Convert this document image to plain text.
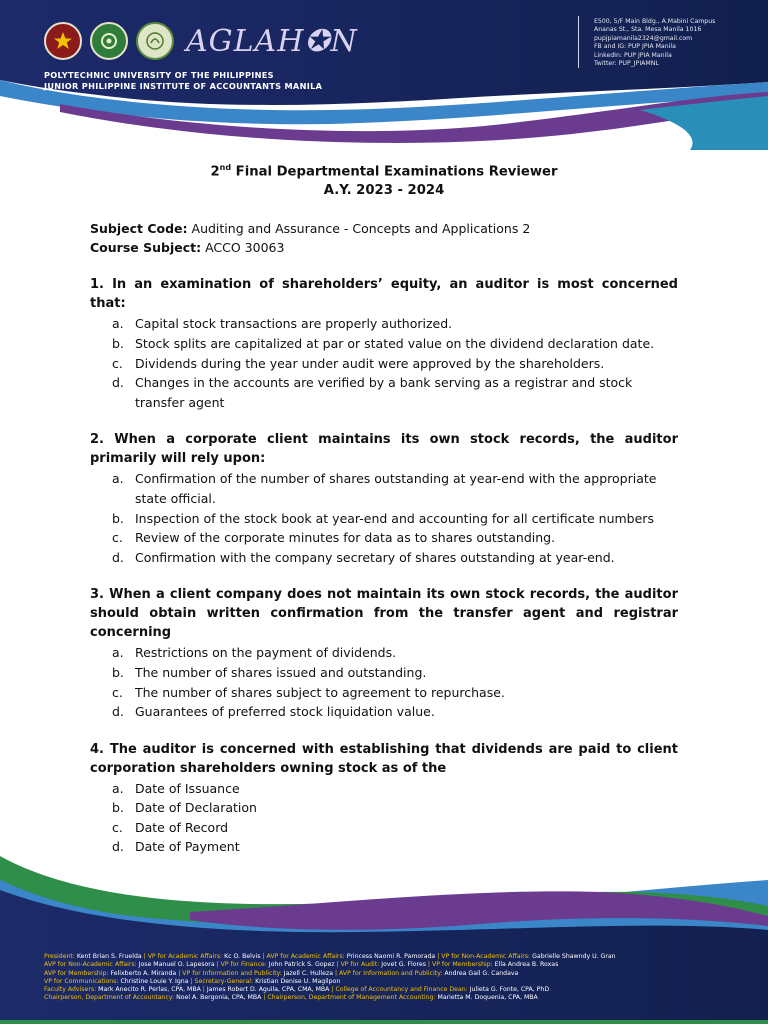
AGLAH✪N
POLYTECHNIC UNIVERSITY OF THE PHILIPPINES
JUNIOR PHILIPPINE INSTITUTE OF ACCOUNTANTS MANILA
E500, 5/F Main Bldg., A.Mabini Campus
Ananas St., Sta. Mesa Manila 1016
pupjpiamanila2324@gmail.com
FB and IG: PUP JPIA Manila
LinkedIn: PUP JPIA Manila
Twitter: PUP_JPIAMNL
2nd Final Departmental Examinations Reviewer
A.Y. 2023 - 2024
Subject Code: Auditing and Assurance - Concepts and Applications 2
Course Subject: ACCO 30063
1. In an examination of shareholders’ equity, an auditor is most concerned that:
a. Capital stock transactions are properly authorized.
b. Stock splits are capitalized at par or stated value on the dividend declaration date.
c. Dividends during the year under audit were approved by the shareholders.
d. Changes in the accounts are verified by a bank serving as a registrar and stock transfer agent
2. When a corporate client maintains its own stock records, the auditor primarily will rely upon:
a. Confirmation of the number of shares outstanding at year-end with the appropriate state official.
b. Inspection of the stock book at year-end and accounting for all certificate numbers
c. Review of the corporate minutes for data as to shares outstanding.
d. Confirmation with the company secretary of shares outstanding at year-end.
3. When a client company does not maintain its own stock records, the auditor should obtain written confirmation from the transfer agent and registrar concerning
a. Restrictions on the payment of dividends.
b. The number of shares issued and outstanding.
c. The number of shares subject to agreement to repurchase.
d. Guarantees of preferred stock liquidation value.
4. The auditor is concerned with establishing that dividends are paid to client corporation shareholders owning stock as of the
a. Date of Issuance
b. Date of Declaration
c. Date of Record
d. Date of Payment
President: Kent Brian S. Fruelda | VP for Academic Affairs: Kc O. Belvis | AVP for Academic Affairs: Princess Naomi R. Pamorada | VP for Non-Academic Affairs: Gabrielle Shawndy U. Gran
AVP for Non-Academic Affairs: Jose Manuel O. Lapesora | VP for Finance: John Patrick S. Gopez | VP for Audit: Jovet G. Flores | VP for Membership: Ella Andrea B. Roxas
AVP for Membership: Felixberto A. Miranda | VP for Information and Publicity: Jazell C. Hulleza | AVP for Information and Publicity: Andrea Gail G. Candava
VP for Communications: Christine Louie Y. Igna | Secretary-General: Kristian Denise U. Magilpon
Faculty Advisers: Mark Anecito R. Perlas, CPA, MBA | James Robert D. Aguila, CPA, CMA, MBA | College of Accountancy and Finance Dean: Julieta G. Fonte, CPA, PhD
Chairperson, Department of Accountancy: Noel A. Bergonia, CPA, MBA | Chairperson, Department of Management Accounting: Marietta M. Doquenia, CPA, MBA
